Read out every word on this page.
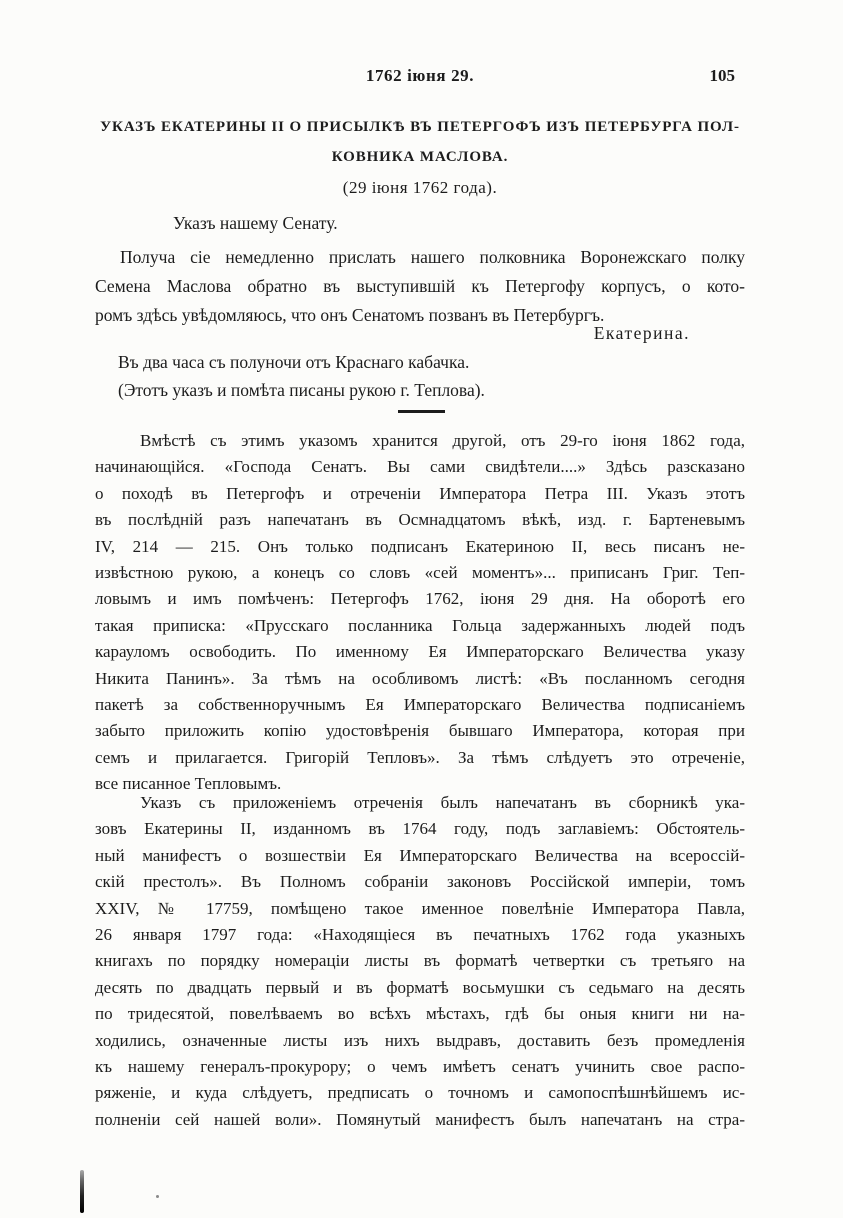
1762 іюня 29.	105
УКАЗЪ ЕКАТЕРИНЫ II О ПРИСЫЛКѢ ВЪ ПЕТЕРГОФЪ ИЗЪ ПЕТЕРБУРГА ПОЛ-
КОВНИКА МАСЛОВА.
(29 іюня 1762 года).
Указъ нашему Сенату.
Получа сіе немедленно прислать нашего полковника Воронежскаго полку
Семена Маслова обратно въ выступившій къ Петергофу корпусъ, о кото-
ромъ здѣсь увѣдомляюсь, что онъ Сенатомъ позванъ въ Петербургъ.
Екатерина.
Въ два часа съ полуночи отъ Краснаго кабачка.
(Этотъ указъ и помѣта писаны рукою г. Теплова).
Вмѣстѣ съ этимъ указомъ хранится другой, отъ 29-го іюня 1862 года,
начинающійся. «Господа Сенатъ. Вы сами свидѣтели....» Здѣсь разсказано
о походѣ въ Петергофъ и отреченіи Императора Петра III. Указъ этотъ
въ послѣдній разъ напечатанъ въ Осмнадцатомъ вѣкѣ, изд. г. Бартеневымъ
IV, 214 — 215. Онъ только подписанъ Екатериною II, весь писанъ не-
извѣстною рукою, а конецъ со словъ «сей моментъ»... приписанъ Григ. Теп-
ловымъ и имъ помѣченъ: Петергофъ 1762, іюня 29 дня. На оборотѣ его
такая приписка: «Прусскаго посланника Гольца задержанныхъ людей подъ
карауломъ освободить. По именному Ея Императорскаго Величества указу
Никита Панинъ». За тѣмъ на особливомъ листѣ: «Въ посланномъ сегодня
пакетѣ за собственноручнымъ Ея Императорскаго Величества подписаніемъ
забыто приложить копію удостовѣренія бывшаго Императора, которая при
семъ и прилагается. Григорій Тепловъ». За тѣмъ слѣдуетъ это отреченіе,
все писанное Тепловымъ.
Указъ съ приложеніемъ отреченія былъ напечатанъ въ сборникѣ ука-
зовъ Екатерины II, изданномъ въ 1764 году, подъ заглавіемъ: Обстоятель-
ный манифестъ о возшествіи Ея Императорскаго Величества на всероссій-
скій престолъ». Въ Полномъ собраніи законовъ Россійской имперіи, томъ
XXIV, № 17759, помѣщено такое именное повелѣніе Императора Павла,
26 января 1797 года: «Находящіеся въ печатныхъ 1762 года указныхъ
книгахъ по порядку номераціи листы въ форматѣ четвертки съ третьяго на
десять по двадцать первый и въ форматѣ восьмушки съ седьмаго на десять
по тридесятой, повелѣваемъ во всѣхъ мѣстахъ, гдѣ бы оныя книги ни на-
ходились, означенные листы изъ нихъ выдравъ, доставить безъ промедленія
къ нашему генералъ-прокурору; о чемъ имѣетъ сенатъ учинить свое распо-
ряженіе, и куда слѣдуетъ, предписать о точномъ и самопоспѣшнѣйшемъ ис-
полненіи сей нашей воли». Помянутый манифестъ былъ напечатанъ на стра-
